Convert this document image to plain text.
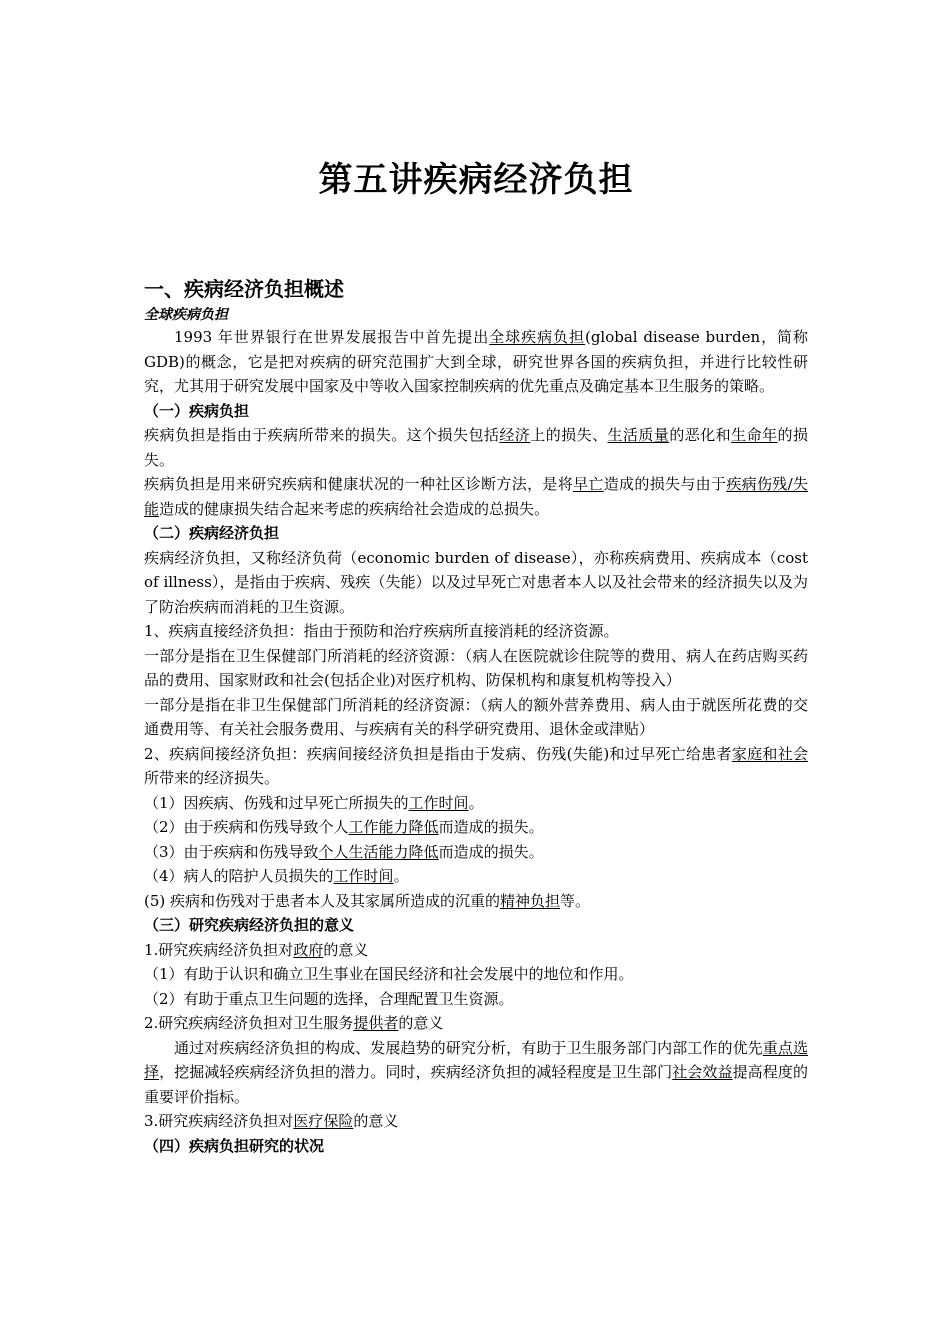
第五讲疾病经济负担
一、疾病经济负担概述
全球疾病负担

1993 年世界银行在世界发展报告中首先提出全球疾病负担(global disease burden，简称GDB)的概念，它是把对疾病的研究范围扩大到全球，研究世界各国的疾病负担，并进行比较性研究，尤其用于研究发展中国家及中等收入国家控制疾病的优先重点及确定基本卫生服务的策略。

（一）疾病负担

疾病负担是指由于疾病所带来的损失。这个损失包括经济上的损失、生活质量的恶化和生命年的损失。

疾病负担是用来研究疾病和健康状况的一种社区诊断方法，是将早亡造成的损失与由于疾病伤残/失能造成的健康损失结合起来考虑的疾病给社会造成的总损失。

（二）疾病经济负担

疾病经济负担，又称经济负荷（economic burden of disease），亦称疾病费用、疾病成本（cost of illness），是指由于疾病、残疾（失能）以及过早死亡对患者本人以及社会带来的经济损失以及为了防治疾病而消耗的卫生资源。

1、疾病直接经济负担：指由于预防和治疗疾病所直接消耗的经济资源。

一部分是指在卫生保健部门所消耗的经济资源：（病人在医院就诊住院等的费用、病人在药店购买药品的费用、国家财政和社会(包括企业)对医疗机构、防保机构和康复机构等投入）

一部分是指在非卫生保健部门所消耗的经济资源：（病人的额外营养费用、病人由于就医所花费的交通费用等、有关社会服务费用、与疾病有关的科学研究费用、退休金或津贴）

2、疾病间接经济负担：疾病间接经济负担是指由于发病、伤残(失能)和过早死亡给患者家庭和社会所带来的经济损失。

（1）因疾病、伤残和过早死亡所损失的工作时间。

（2）由于疾病和伤残导致个人工作能力降低而造成的损失。

（3）由于疾病和伤残导致个人生活能力降低而造成的损失。

（4）病人的陪护人员损失的工作时间。

(5) 疾病和伤残对于患者本人及其家属所造成的沉重的精神负担等。

（三）研究疾病经济负担的意义

1.研究疾病经济负担对政府的意义

（1）有助于认识和确立卫生事业在国民经济和社会发展中的地位和作用。

（2）有助于重点卫生问题的选择，合理配置卫生资源。

2.研究疾病经济负担对卫生服务提供者的意义

通过对疾病经济负担的构成、发展趋势的研究分析，有助于卫生服务部门内部工作的优先重点选择，挖掘减轻疾病经济负担的潜力。同时，疾病经济负担的减轻程度是卫生部门社会效益提高程度的重要评价指标。

3.研究疾病经济负担对医疗保险的意义

（四）疾病负担研究的状况
